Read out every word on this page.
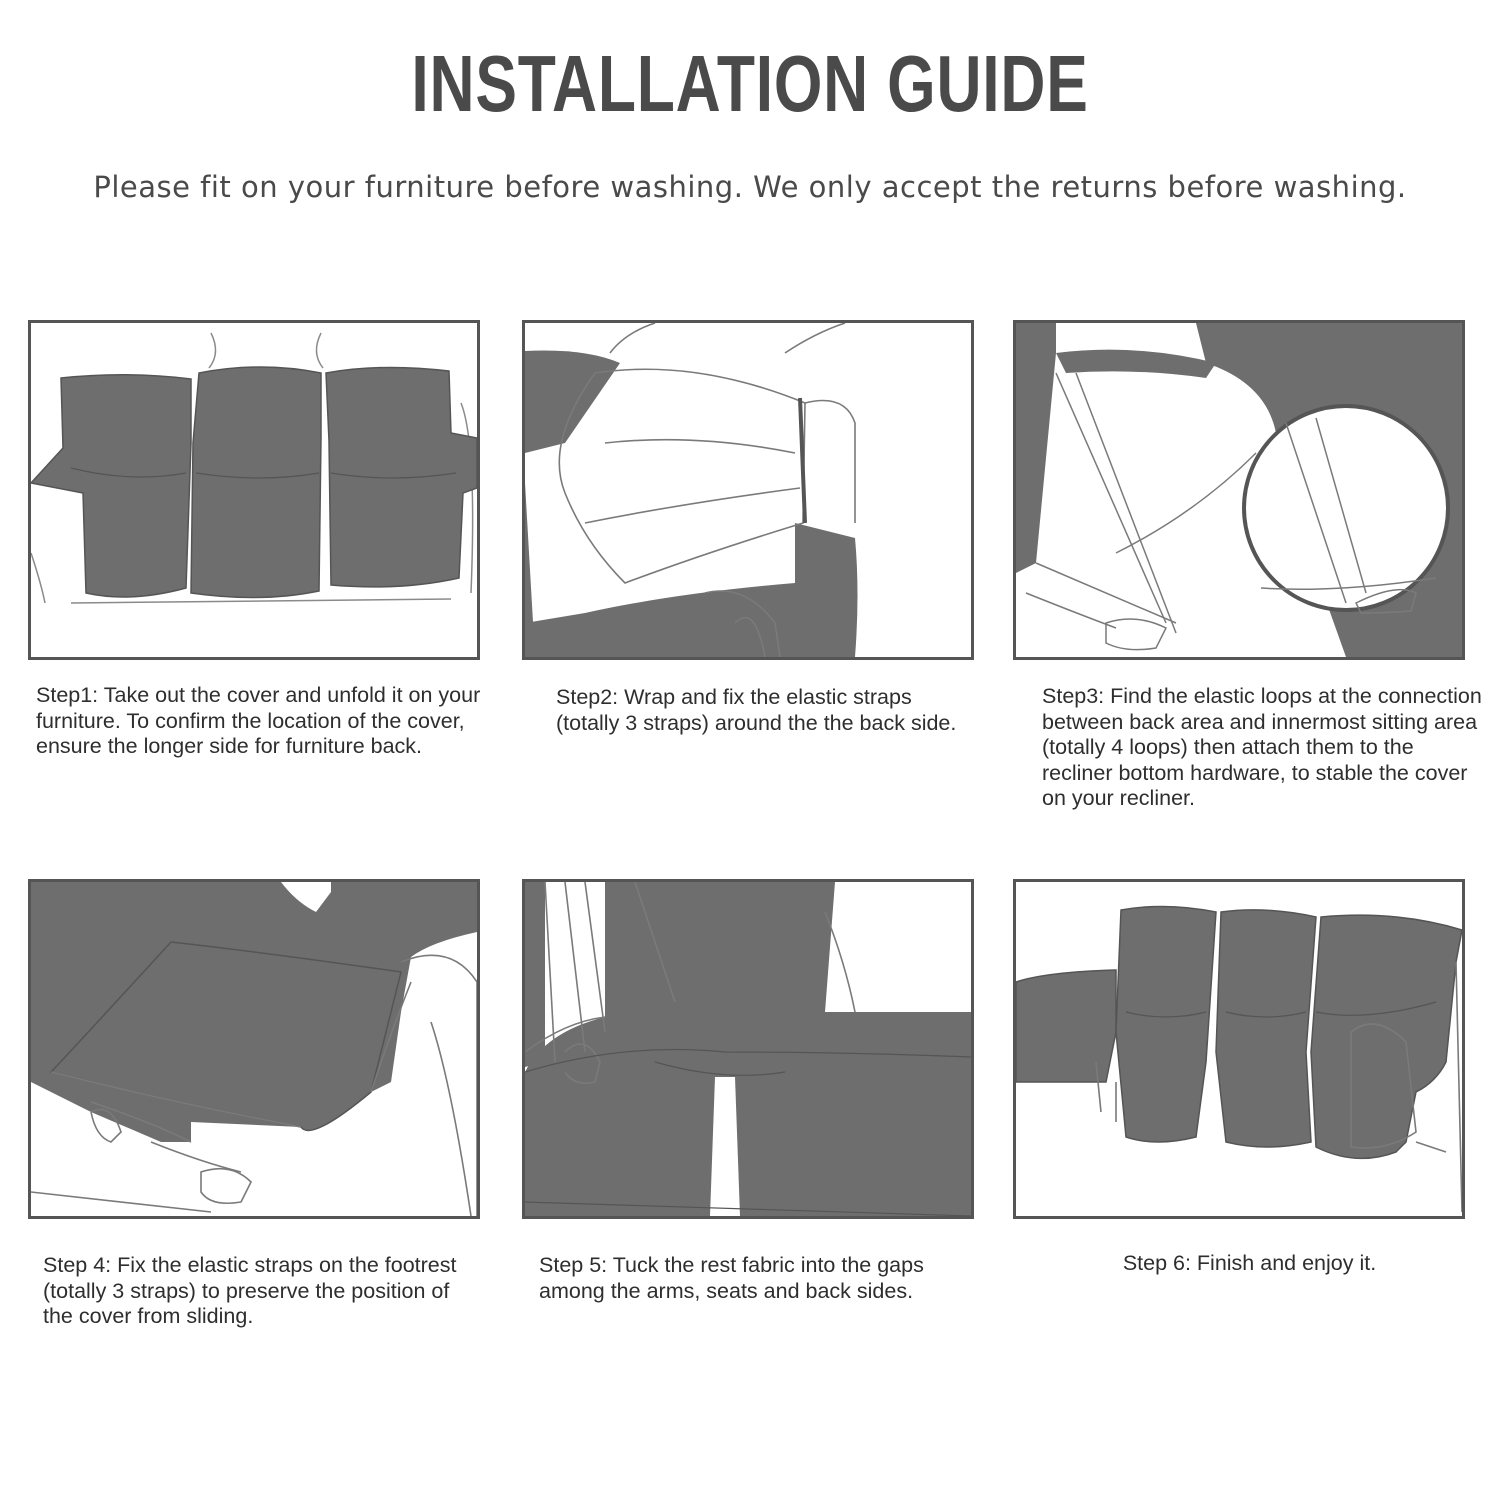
INSTALLATION GUIDE
Please fit on your furniture before washing. We only accept the returns before washing.
Step1: Take out the cover and unfold it on your furniture. To confirm the location of the cover, ensure the longer side for furniture back.
Step2: Wrap and fix the elastic straps (totally 3 straps) around the the back side.
Step3: Find the elastic loops at the connection between back area and innermost sitting area (totally 4 loops) then attach them to the recliner bottom hardware, to stable the cover on your recliner.
Step 4: Fix the elastic straps on the footrest (totally 3 straps) to preserve the position of the cover from sliding.
Step 5: Tuck the rest fabric into the gaps among the arms, seats and back sides.
Step 6: Finish and enjoy it.
